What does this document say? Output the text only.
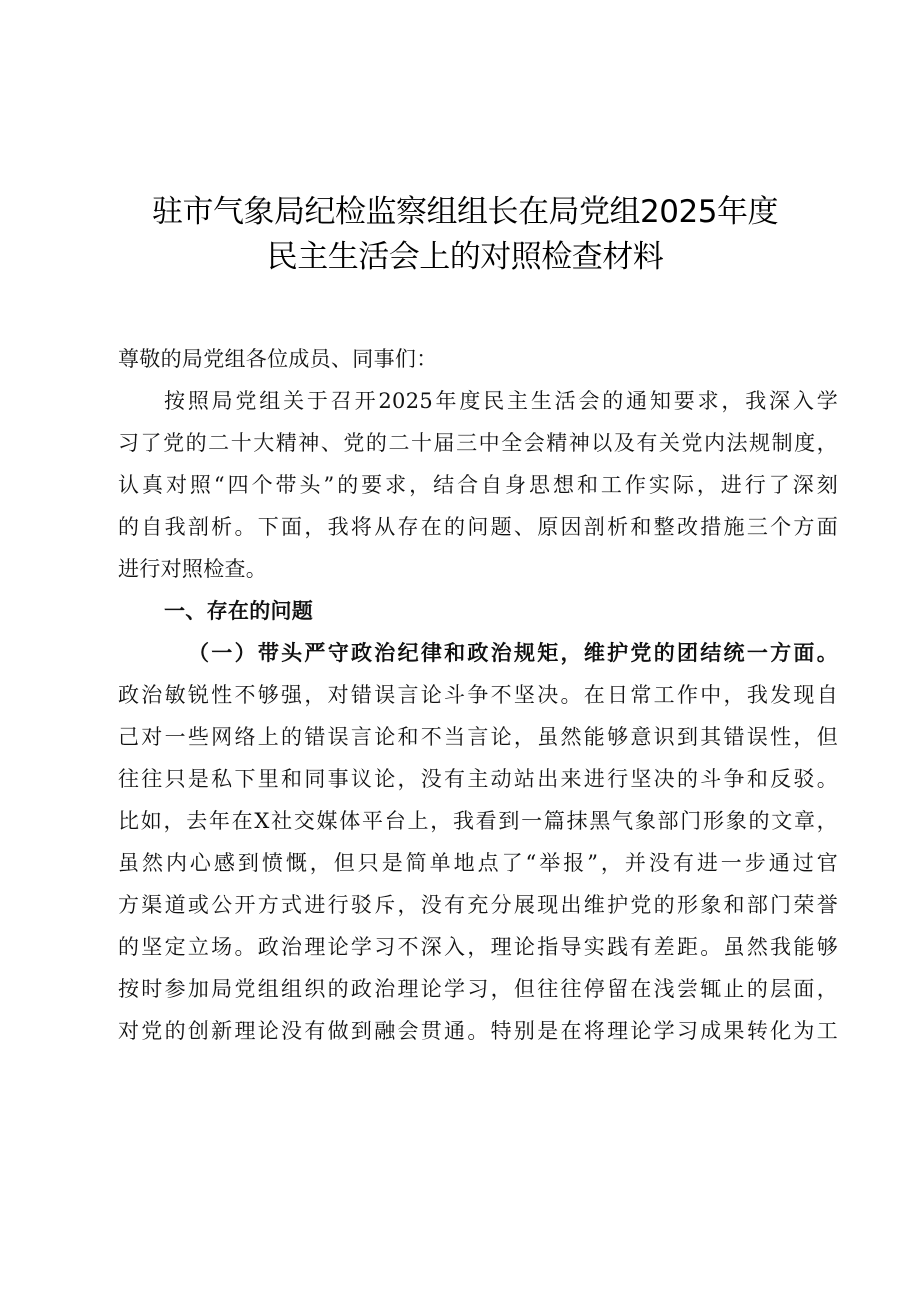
驻市气象局纪检监察组组长在局党组2025年度
民主生活会上的对照检查材料
尊敬的局党组各位成员、同事们：
按照局党组关于召开2025年度民主生活会的通知要求，我深入学
习了党的二十大精神、党的二十届三中全会精神以及有关党内法规制度，
认真对照“四个带头”的要求，结合自身思想和工作实际，进行了深刻
的自我剖析。下面，我将从存在的问题、原因剖析和整改措施三个方面
进行对照检查。
一、存在的问题
（一）带头严守政治纪律和政治规矩，维护党的团结统一方面。
政治敏锐性不够强，对错误言论斗争不坚决。在日常工作中，我发现自
己对一些网络上的错误言论和不当言论，虽然能够意识到其错误性，但
往往只是私下里和同事议论，没有主动站出来进行坚决的斗争和反驳。
比如，去年在X社交媒体平台上，我看到一篇抹黑气象部门形象的文章，
虽然内心感到愤慨，但只是简单地点了“举报”，并没有进一步通过官
方渠道或公开方式进行驳斥，没有充分展现出维护党的形象和部门荣誉
的坚定立场。政治理论学习不深入，理论指导实践有差距。虽然我能够
按时参加局党组组织的政治理论学习，但往往停留在浅尝辄止的层面，
对党的创新理论没有做到融会贯通。特别是在将理论学习成果转化为工
